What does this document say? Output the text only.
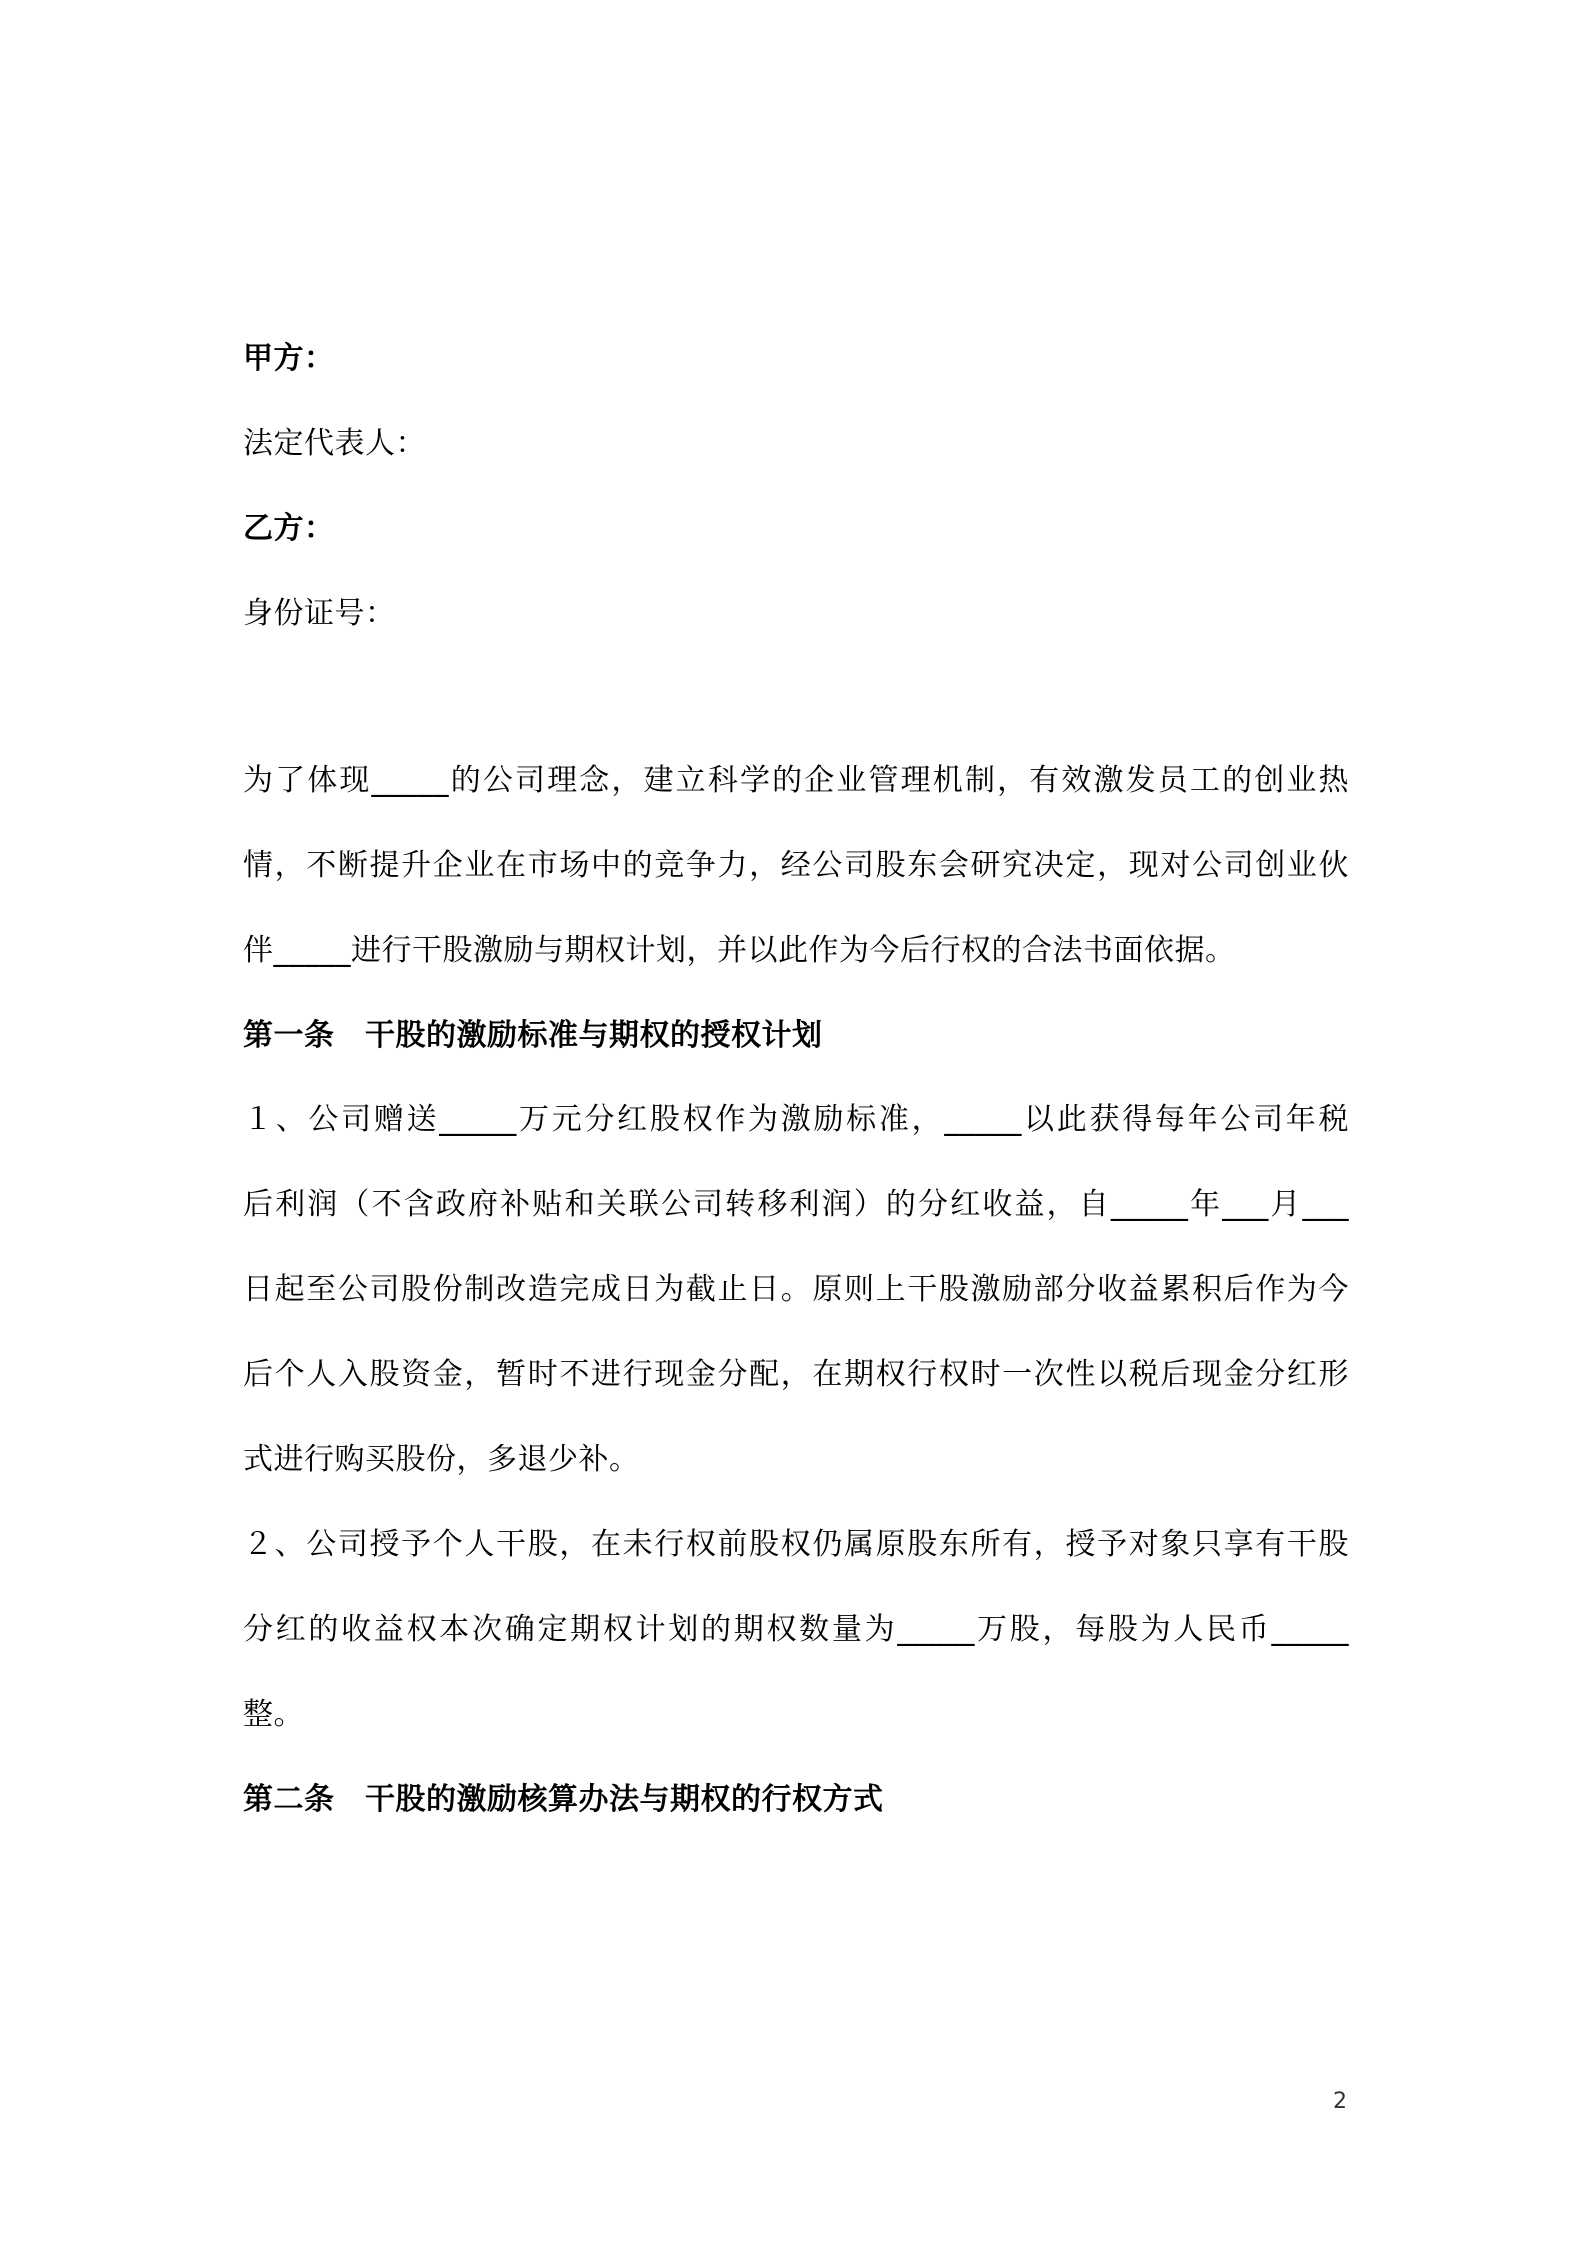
甲方：
法定代表人：
乙方：
身份证号：
为了体现_____的公司理念，建立科学的企业管理机制，有效激发员工的创业热
情，不断提升企业在市场中的竞争力，经公司股东会研究决定，现对公司创业伙
伴_____进行干股激励与期权计划，并以此作为今后行权的合法书面依据。
第一条　干股的激励标准与期权的授权计划
１、公司赠送_____万元分红股权作为激励标准，_____以此获得每年公司年税
后利润（不含政府补贴和关联公司转移利润）的分红收益，自_____年___月___
日起至公司股份制改造完成日为截止日。原则上干股激励部分收益累积后作为今
后个人入股资金，暂时不进行现金分配，在期权行权时一次性以税后现金分红形
式进行购买股份，多退少补。
２、公司授予个人干股，在未行权前股权仍属原股东所有，授予对象只享有干股
分红的收益权本次确定期权计划的期权数量为_____万股，每股为人民币_____
整。
第二条　干股的激励核算办法与期权的行权方式
2
